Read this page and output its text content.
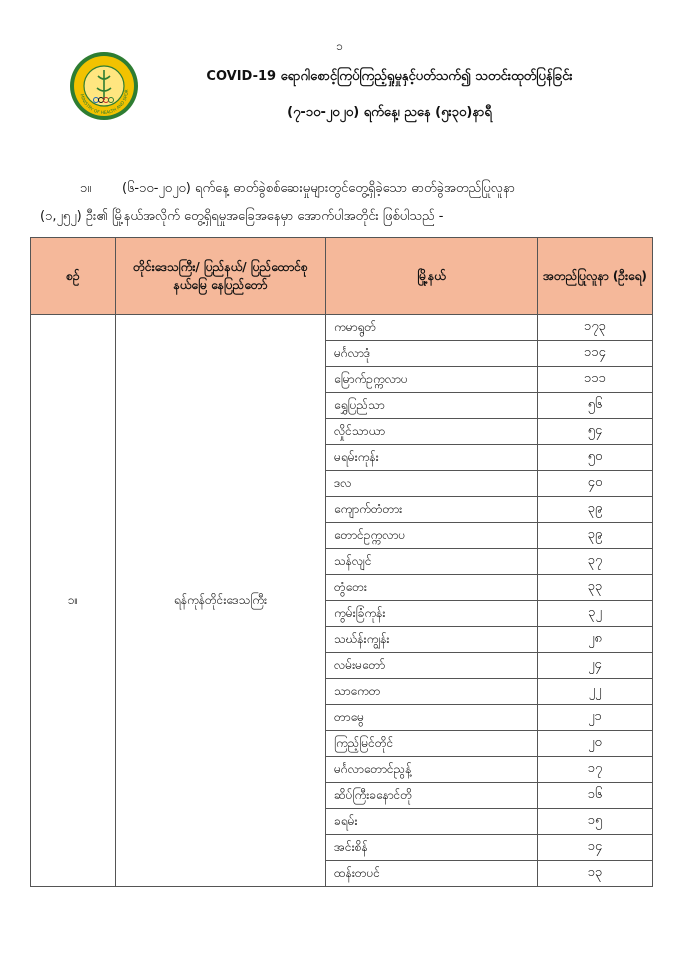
၁
MINISTRY OF HEALTH AND SPOR
COVID-19 ရောဂါစောင့်ကြပ်ကြည့်ရှုမှုနှင့်ပတ်သက်၍ သတင်းထုတ်ပြန်ခြင်း
(၇-၁၀-၂၀၂၀) ရက်နေ့၊ ညနေ (၅း၃၀)နာရီ
၁။ (၆-၁၀-၂၀၂၀) ရက်နေ့ ဓာတ်ခွဲစစ်ဆေးမှုများတွင်တွေ့ရှိခဲ့သော ဓာတ်ခွဲအတည်ပြုလူနာ
(၁,၂၅၂) ဦး၏ မြို့နယ်အလိုက် တွေ့ရှိရမှုအခြေအနေမှာ အောက်ပါအတိုင်း ဖြစ်ပါသည် -
စဉ်	တိုင်းဒေသကြီး/ ပြည်နယ်/ ပြည်ထောင်စုနယ်မြေ နေပြည်တော်	မြို့နယ်	အတည်ပြုလူနာ (ဦးရေ)
၁။	ရန်ကုန်တိုင်းဒေသကြီး	ကမာရွတ်	၁၇၃
		မင်္ဂလာဒုံ	၁၁၄
		မြောက်ဥက္ကလာပ	၁၁၁
		ရွှေပြည်သာ	၅၆
		လှိုင်သာယာ	၅၄
		မရမ်းကုန်း	၅၀
		ဒလ	၄၀
		ကျောက်တံတား	၃၉
		တောင်ဥက္ကလာပ	၃၉
		သန်လျင်	၃၇
		တွံတေး	၃၃
		ကွမ်းခြံကုန်း	၃၂
		သဃ်န်းကျွန်း	၂၈
		လမ်းမတော်	၂၄
		သာကေတ	၂၂
		တာမွေ	၂၁
		ကြည့်မြင်တိုင်	၂၀
		မင်္ဂလာတောင်ညွန့်	၁၇
		ဆိပ်ကြီးခနောင်တို	၁၆
		ခရမ်း	၁၅
		အင်းစိန်	၁၄
		ထန်းတပင်	၁၃
